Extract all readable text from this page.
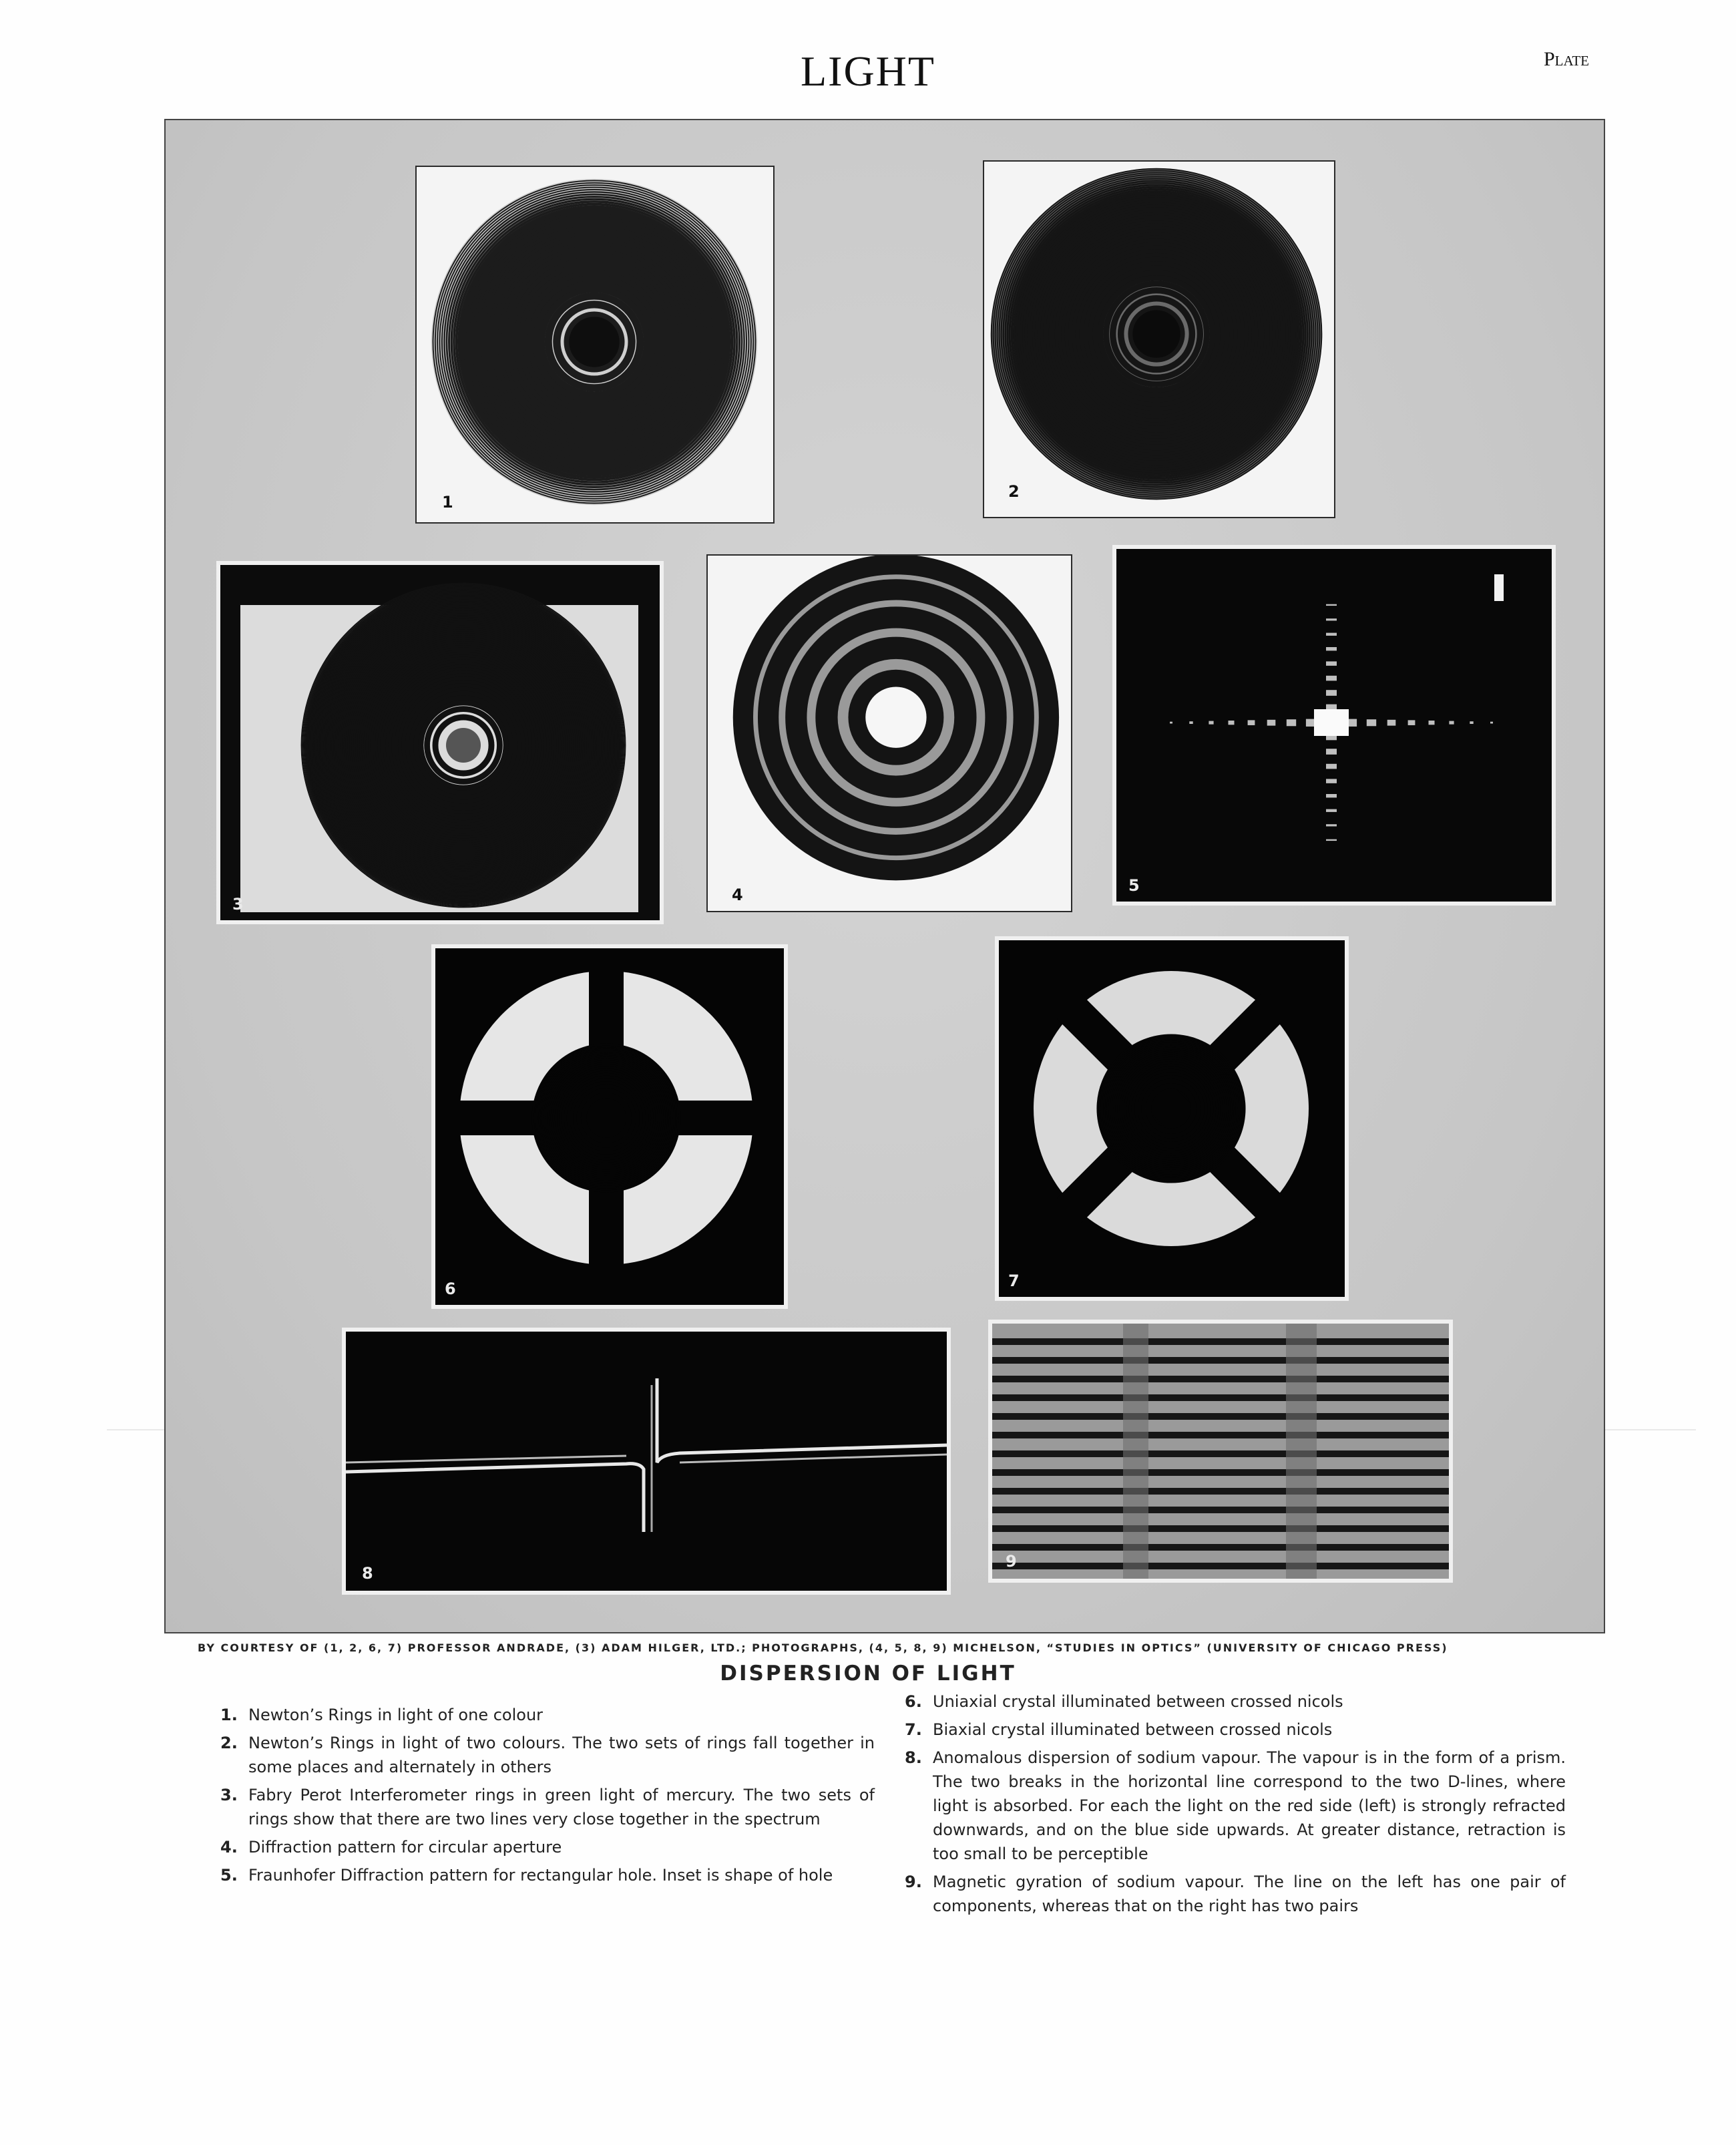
LIGHT	Plate
1
2
3	4	5
6	7
8
9
BY COURTESY OF (1, 2, 6, 7) PROFESSOR ANDRADE, (3) ADAM HILGER, LTD.; PHOTOGRAPHS, (4, 5, 8, 9) MICHELSON, “STUDIES IN OPTICS” (UNIVERSITY OF CHICAGO PRESS)
DISPERSION OF LIGHT
1. Newton’s Rings in light of one colour
2. Newton’s Rings in light of two colours. The two sets of rings fall together in some places and alternately in others
3. Fabry Perot Interferometer rings in green light of mercury. The two sets of rings show that there are two lines very close together in the spectrum
4. Diffraction pattern for circular aperture
5. Fraunhofer Diffraction pattern for rectangular hole. Inset is shape of hole
6. Uniaxial crystal illuminated between crossed nicols
7. Biaxial crystal illuminated between crossed nicols
8. Anomalous dispersion of sodium vapour. The vapour is in the form of a prism. The two breaks in the horizontal line correspond to the two D-lines, where light is absorbed. For each the light on the red side (left) is strongly refracted downwards, and on the blue side upwards. At greater distance, retraction is too small to be perceptible
9. Magnetic gyration of sodium vapour. The line on the left has one pair of components, whereas that on the right has two pairs
